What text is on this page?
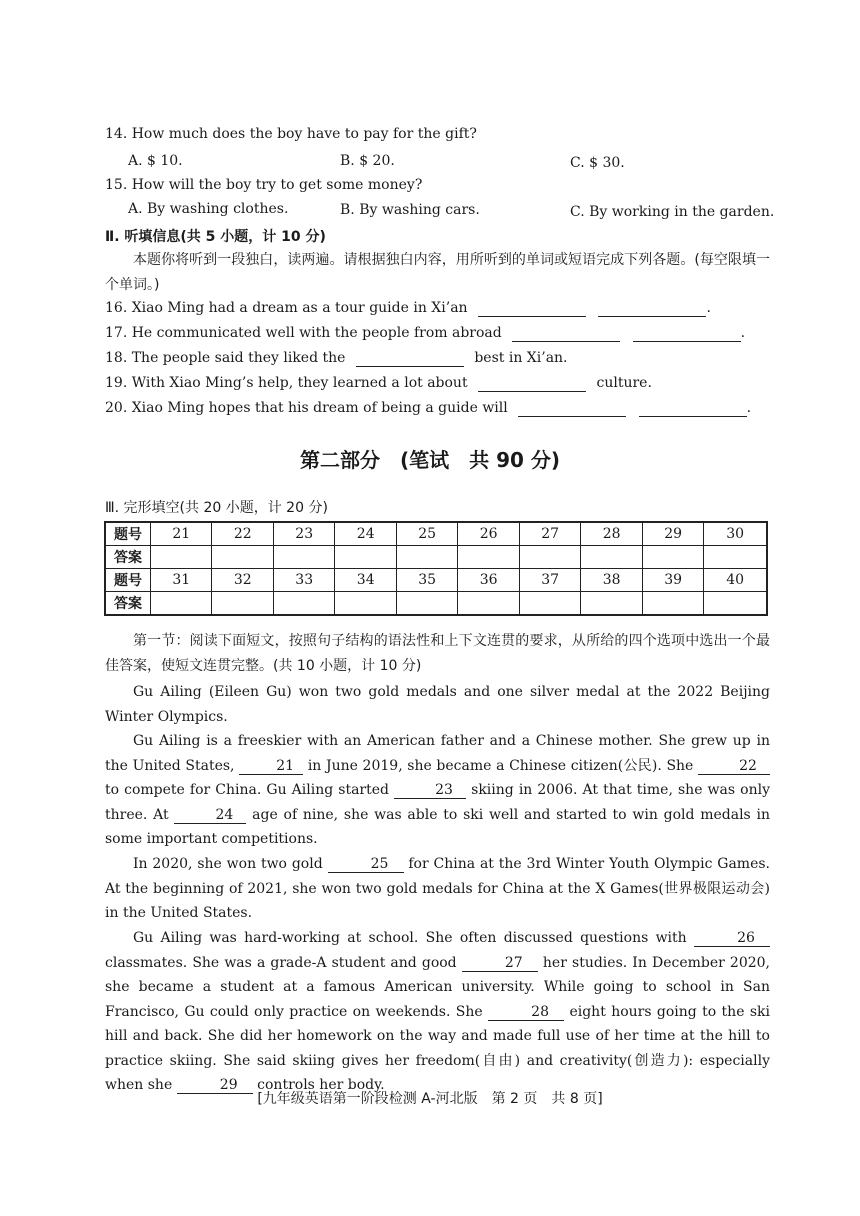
14. How much does the boy have to pay for the gift?
A. $ 10.	B. $ 20.	C. $ 30.
15. How will the boy try to get some money?
A. By washing clothes.	B. By washing cars.	C. By working in the garden.
Ⅱ. 听填信息(共 5 小题，计 10 分)
本题你将听到一段独白，读两遍。请根据独白内容，用所听到的单词或短语完成下列各题。(每空限填一个单词。)
16. Xiao Ming had a dream as a tour guide in Xi’an	.
17. He communicated well with the people from abroad	.
18. The people said they liked the	best in Xi’an.
19. With Xiao Ming’s help, they learned a lot about	culture.
20. Xiao Ming hopes that his dream of being a guide will	.
第二部分　(笔试　共 90 分)
Ⅲ. 完形填空(共 20 小题，计 20 分)
题号	21	22	23	24	25	26	27	28	29	30
答案										
题号	31	32	33	34	35	36	37	38	39	40
答案										
第一节：阅读下面短文，按照句子结构的语法性和上下文连贯的要求，从所给的四个选项中选出一个最佳答案，使短文连贯完整。(共 10 小题，计 10 分)
Gu Ailing (Eileen Gu) won two gold medals and one silver medal at the 2022 Beijing Winter Olympics.
Gu Ailing is a freeskier with an American father and a Chinese mother. She grew up in the United States,	21 in June 2019, she became a Chinese citizen(公民). She	22 to compete for China. Gu Ailing started	23 skiing in 2006. At that time, she was only three. At	24 age of nine, she was able to ski well and started to win gold medals in some important competitions.
In 2020, she won two gold	25 for China at the 3rd Winter Youth Olympic Games. At the beginning of 2021, she won two gold medals for China at the X Games(世界极限运动会) in the United States.
Gu Ailing was hard-working at school. She often discussed questions with	26 classmates. She was a grade-A student and good	27 her studies. In December 2020, she became a student at a famous American university. While going to school in San Francisco, Gu could only practice on weekends. She	28 eight hours going to the ski hill and back. She did her homework on the way and made full use of her time at the hill to practice skiing. She said skiing gives her freedom(自由) and creativity(创造力): especially when she	29 controls her body.
[九年级英语第一阶段检测 A-河北版　第 2 页　共 8 页]
